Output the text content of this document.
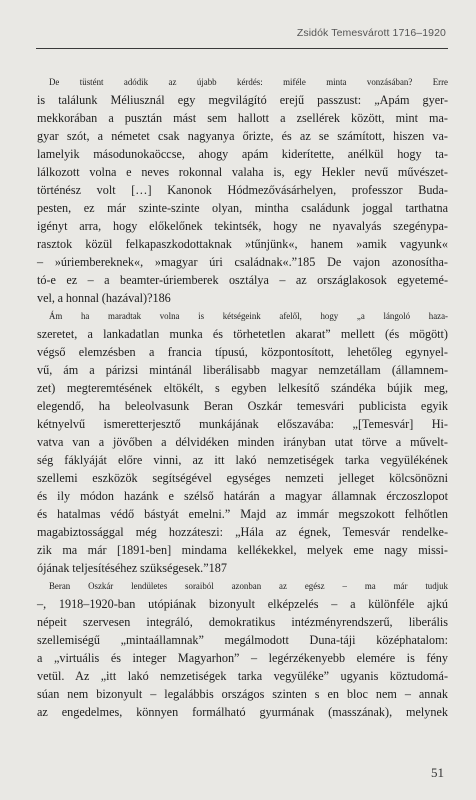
Zsidók Temesvárott 1716–1920

De tüstént adódik az újabb kérdés: miféle minta vonzásában? Erre
is találunk Méliusznál egy megvilágító erejű passzust: „Apám gyer-
mekkorában a pusztán mást sem hallott a zsellérek között, mint ma-
gyar szót, a németet csak nagyanya őrizte, és az se számított, hiszen va-
lamelyik másodunokaöccse, ahogy apám kiderítette, anélkül hogy ta-
lálkozott volna e neves rokonnal valaha is, egy Hekler nevű művészet-
történész volt […] Kanonok Hódmezővásárhelyen, professzor Buda-
pesten, ez már szinte-szinte olyan, mintha családunk joggal tarthatna
igényt arra, hogy előkelőnek tekintsék, hogy ne nyavalyás szegénypa-
rasztok közül felkapaszkodottaknak »tűnjünk«, hanem »amik vagyunk«
– »úriembereknek«, »magyar úri családnak«.”185 De vajon azonosítha-
tó-e ez – a beamter-úriemberek osztálya – az országlakosok egyetemé-
vel, a honnal (hazával)?186

Ám ha maradtak volna is kétségeink afelől, hogy „a lángoló haza-
szeretet, a lankadatlan munka és törhetetlen akarat” mellett (és mögött)
végső elemzésben a francia típusú, központosított, lehetőleg egynyel-
vű, ám a párizsi mintánál liberálisabb magyar nemzetállam (államnem-
zet) megteremtésének eltökélt, s egyben lelkesítő szándéka bújik meg,
elegendő, ha beleolvasunk Beran Oszkár temesvári publicista egyik
kétnyelvű ismeretterjesztő munkájának előszavába: „[Temesvár] Hi-
vatva van a jövőben a délvidéken minden irányban utat törve a művelt-
ség fáklyáját előre vinni, az itt lakó nemzetiségek tarka vegyülékének
szellemi eszközök segítségével egységes nemzeti jelleget kölcsönözni
és ily módon hazánk e szélső határán a magyar államnak érczoszlopot
és hatalmas védő bástyát emelni.” Majd az immár megszokott felhőtlen
magabiztossággal még hozzáteszi: „Hála az égnek, Temesvár rendelke-
zik ma már [1891-ben] mindama kellékekkel, melyek eme nagy missi-
ójának teljesítéséhez szükségesek.”187

Beran Oszkár lendületes soraiból azonban az egész – ma már tudjuk
–, 1918–1920-ban utópiának bizonyult elképzelés – a különféle ajkú
népeit szervesen integráló, demokratikus intézményrendszerű, liberális
szellemiségű „mintaállamnak” megálmodott Duna-táji középhatalom:
a „virtuális és integer Magyarhon” – legérzékenyebb elemére is fény
vetül. Az „itt lakó nemzetiségek tarka vegyüléke” ugyanis köztudomá-
súan nem bizonyult – legalábbis országos szinten s en bloc nem – annak
az engedelmes, könnyen formálható gyurmának (masszának), melynek

51
